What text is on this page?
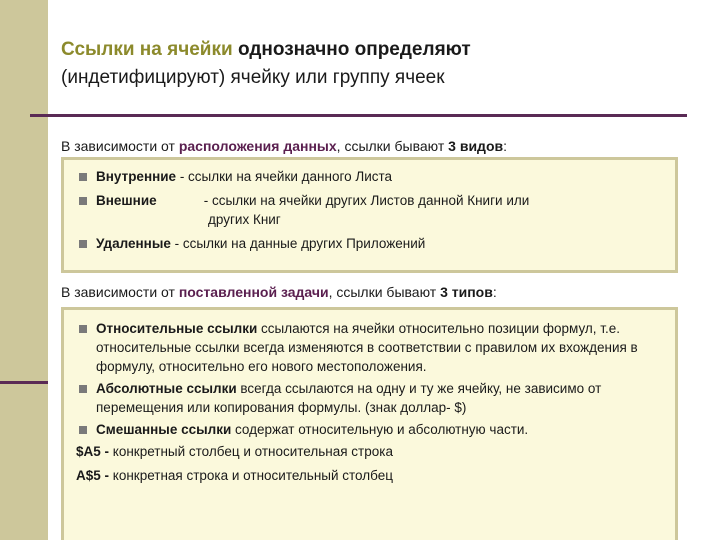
Ссылки на ячейки однозначно определяют
(индетифицируют) ячейку или группу ячеек
В зависимости от расположения данных, ссылки бывают 3 видов:
Внутренние - ссылки на ячейки данного Листа
Внешние	- ссылки на ячейки других Листов данной Книги или
других Книг
Удаленные - ссылки на данные других Приложений
В зависимости от поставленной задачи, ссылки бывают 3 типов:
Относительные ссылки ссылаются на ячейки относительно позиции формул, т.е. относительные ссылки всегда изменяются в соответствии с правилом их вхождения в формулу, относительно его нового местоположения.
Абсолютные ссылки всегда ссылаются на одну и ту же ячейку, не зависимо от перемещения или копирования формулы. (знак доллар- $)
Смешанные ссылки содержат относительную и абсолютную части.
$A5 - конкретный столбец и относительная строка
A$5 - конкретная строка и относительный столбец
